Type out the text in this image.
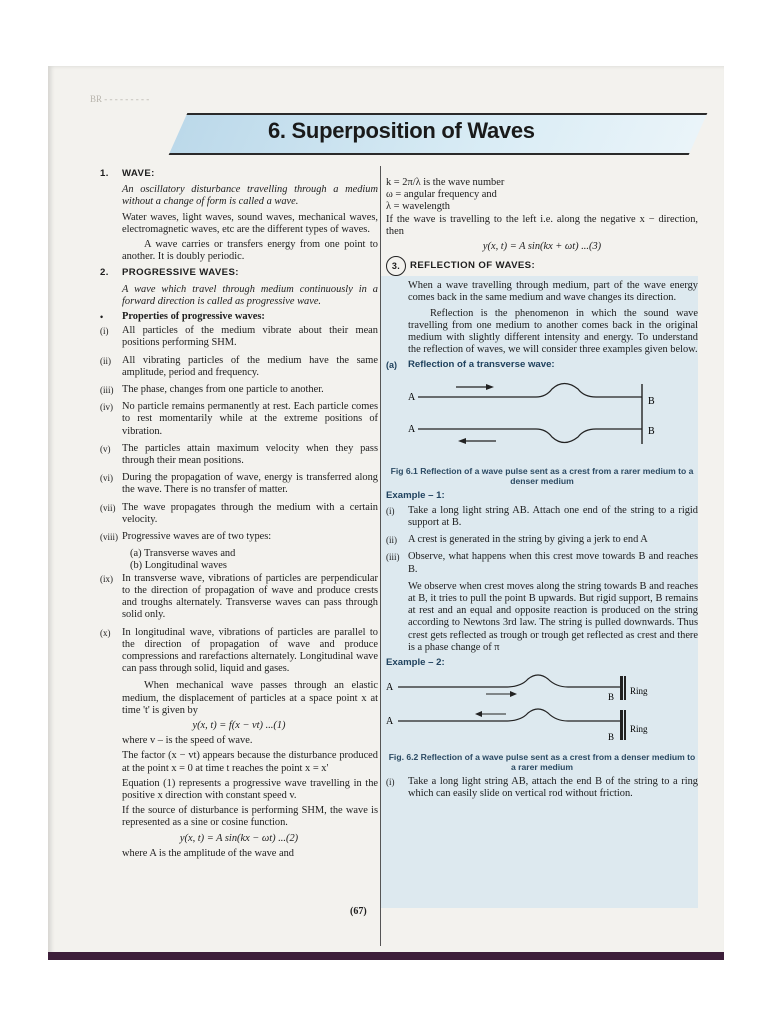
BR - - - - - - - - -
6. Superposition of Waves
1.	WAVE:

An oscillatory disturbance travelling through a medium without a change of form is called a wave.

Water waves, light waves, sound waves, mechanical waves, electromagnetic waves, etc are the different types of waves.

A wave carries or transfers energy from one point to another. It is doubly periodic.

2.	PROGRESSIVE WAVES:

A wave which travel through medium continuously in a forward direction is called as progressive wave.

•	Properties of progressive waves:
(i)	All particles of the medium vibrate about their mean positions performing SHM.
(ii)	All vibrating particles of the medium have the same amplitude, period and frequency.
(iii) The phase, changes from one particle to another.
(iv) No particle remains permanently at rest. Each particle comes to rest momentarily while at the extreme positions of vibration.
(v)	The particles attain maximum velocity when they pass through their mean positions.
(vi) During the propagation of wave, energy is transferred along the wave. There is no transfer of matter.
(vii) The wave propagates through the medium with a certain velocity.
(viii) Progressive waves are of two types:
(a) Transverse waves and
(b) Longitudinal waves
(ix) In transverse wave, vibrations of particles are perpendicular to the direction of propagation of wave and produce crests and troughs alternately. Transverse waves can pass through solid only.
(x)	In longitudinal wave, vibrations of particles are parallel to the direction of propagation of wave and produce compressions and rarefactions alternately. Longitudinal wave can pass through solid, liquid and gases.

When mechanical wave passes through an elastic medium, the displacement of particles at a space point x at time 't' is given by

y(x, t) = f(x − vt) ...(1)

where v – is the speed of wave.

The factor (x − vt) appears because the disturbance produced at the point x = 0 at time t reaches the point x = x'

Equation (1) represents a progressive wave travelling in the positive x direction with constant speed v.

If the source of disturbance is performing SHM, the wave is represented as a sine or cosine function.

y(x, t) = A sin(kx − ωt) ...(2)

where A is the amplitude of the wave and

k = 2π/λ is the wave number
ω = angular frequency and
λ = wavelength

If the wave is travelling to the left i.e. along the negative x − direction, then

y(x, t) = A sin(kx + ωt) ...(3)
3.	REFLECTION OF WAVES:

When a wave travelling through medium, part of the wave energy comes back in the same medium and wave changes its direction.

Reflection is the phenomenon in which the sound wave travelling from one medium to another comes back in the original medium with slightly different intensity and energy. To understand the reflection of waves, we will consider three examples given below.

(a)	Reflection of a transverse wave:
A
A
B
B
Fig 6.1 Reflection of a wave pulse sent as a crest from a rarer medium to a denser medium
Example – 1:
(i)	Take a long light string AB. Attach one end of the string to a rigid support at B.
(ii)	A crest is generated in the string by giving a jerk to end A
(iii) Observe, what happens when this crest move towards B and reaches B.

We observe when crest moves along the string towards B and reaches at B, it tries to pull the point B upwards. But rigid support, B remains at rest and an equal and opposite reaction is produced on the string according to Newtons 3rd law. The string is pulled downwards. Thus crest gets reflected as trough or trough get reflected as crest and there is a phase change of π

Example – 2:
A
A
B
B
Ring
Ring
Fig. 6.2 Reflection of a wave pulse sent as a crest from a denser medium to a rarer medium
(i)	Take a long light string AB, attach the end B of the string to a ring which can easily slide on vertical rod without friction.
(67)
